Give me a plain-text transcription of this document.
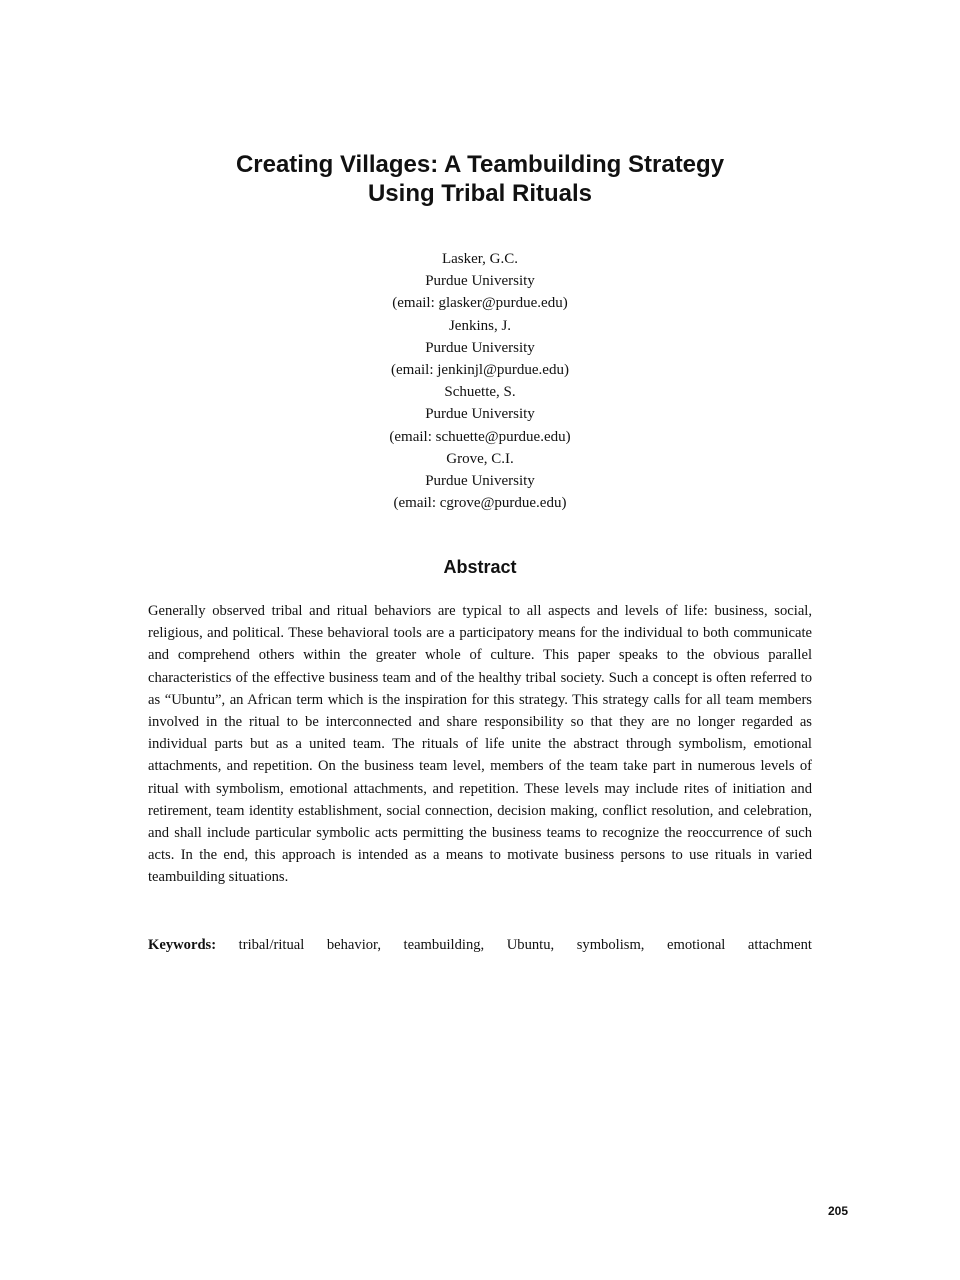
Creating Villages: A Teambuilding Strategy
Using Tribal Rituals
Lasker, G.C.
Purdue University
(email: glasker@purdue.edu)
Jenkins, J.
Purdue University
(email: jenkinjl@purdue.edu)
Schuette, S.
Purdue University
(email: schuette@purdue.edu)
Grove, C.I.
Purdue University
(email: cgrove@purdue.edu)
Abstract

Generally observed tribal and ritual behaviors are typical to all aspects and levels of life: business, social, religious, and political. These behavioral tools are a participatory means for the individual to both communicate and comprehend others within the greater whole of culture. This paper speaks to the obvious parallel characteristics of the effective business team and of the healthy tribal society. Such a concept is often referred to as “Ubuntu”, an African term which is the inspiration for this strategy. This strategy calls for all team members involved in the ritual to be interconnected and share responsibility so that they are no longer regarded as individual parts but as a united team. The rituals of life unite the abstract through symbolism, emotional attachments, and repetition. On the business team level, members of the team take part in numerous levels of ritual with symbolism, emotional attachments, and repetition. These levels may include rites of initiation and retirement, team identity establishment, social connection, decision making, conflict resolution, and celebration, and shall include particular symbolic acts permitting the business teams to recognize the reoccurrence of such acts. In the end, this approach is intended as a means to motivate business persons to use rituals in varied teambuilding situations.

Keywords: tribal/ritual behavior, teambuilding, Ubuntu, symbolism, emotional attachment
205
